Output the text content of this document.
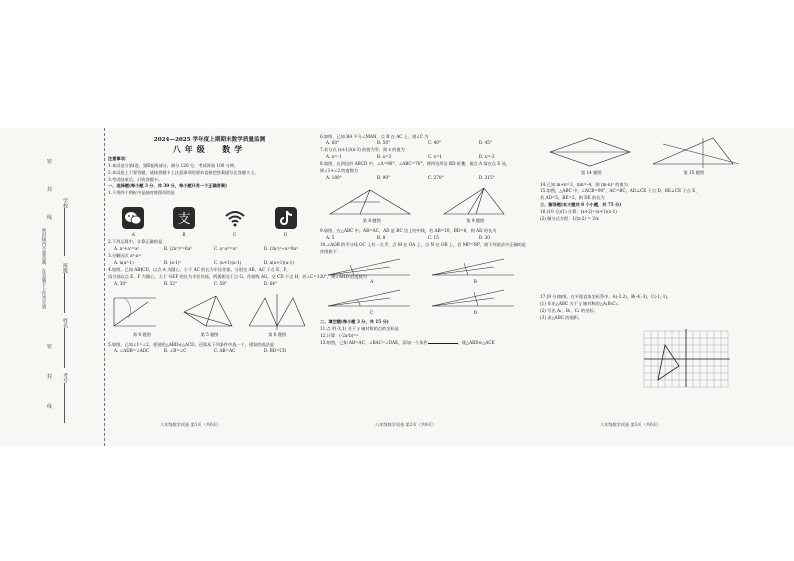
密
封
线
密
封
线
密封线内不要答题，在答题卡上作答无效
学校
班级
姓名
考号
2024—2025 学年度上期期末数学质量监测
八年级 数学
注意事项：
1.本试卷分第Ⅰ卷、第Ⅱ卷两部分，满分 120 分，考试时间 100 分钟。
2.本试卷上不要答题，请按答题卡上注意事项的要求直接把答案填写在答题卡上。
3.考试结束后，只收答题卡。
一、选择题(每小题 3 分，共 30 分，每小题只有一个正确答案)
1.下列四个图标中是轴对称图形的是
支
A	B	C	D
2.下列运算中，计算正确的是
A. a²+a³=a⁵	B. (2a²)³=6a⁶	C. a²·a³=a⁶	D. (3a²)²÷a=9a³
3.分解因式 a³-a=
A. a(a²-1)	B. (a-1)²	C. (a+1)(a-1)	D. a(a+1)(a-1)
4.如图，已知 AB∥CD，以点 A 为圆心，小于 AC 的长为半径作弧，分别交 AB、AC 于点 E、F，
再分别以点 E、F 为圆心，大于 ½EF 的长为半径作弧，两弧相交于点 G，作射线 AG，交 CD 于点 H，若∠C=120°，则∠AHD 的度数为
A. 30°	B. 32°	C. 58°	D. 64°
第 4 题图	第 5 题图	第 6 题图
5.如图，已知∠1=∠2，要说明△ABD≌△ACD，还需从下列条件中选一个，错误的选法是
A. ∠ADB=∠ADC	B. ∠B=∠C	C. AB=AC	D. BD=CD
八年级数学试卷 第1页（共6页）
6.如图，已知 BA 平分∠MAN，点 B 在 AC 上，则∠C 为
A. 60°	B. 50°	C. 40°	D. 45°
7.若分式 (x+1)/(x-3) 的值为零，则 x 的值为
A. x=-1	B. x=3	C. x=1	D. x=-3
8.如图，在四边形 ABCD 中，∠A=90°，∠ABC=70°，将四边形沿 BD 折叠，使点 A 落在点 E 处，
则∠1+∠2 的度数为
A. 180°	B. 90°	C. 270°	D. 315°
第 8 题图	第 9 题图
9.如图，在△ABC 中，AB=AC，AD 是 BC 边上的中线，若 AB=10，BD=6，则 AD 的长为
A. 5	B. 8	C. 15	D. 20
10.∠AOB 的平分线 OC 上有一点 P，点 M 在 OA 上，点 N 在 OB 上，若 MP=NP，则下列说法中正确的是
作图如下：
A	B
C	D
二、填空题(每小题 3 分，共 15 分)
11.点 P(-3,1) 关于 y 轴对称的点的坐标是
12.计算：(-2a²b)³=
13.如图，已知 AB=AC，∠BAC=∠DAE，添加一个条件	，使△ABD≌△ACE
八年级数学试卷 第2页（共6页）
第 14 题图	第 15 题图
14.已知 m+n=3，mn=-4，则 (m-n)² 的值为
15.如图，△ABC 中，∠ACB=90°，AC=BC，AD⊥CE 于点 D，BE⊥CE 于点 E，
若 AD=5，BE=2，则 DE 的长为
三、解答题(本大题共 8 个小题，共 75 分)
16.(10 分)(1) 计算：(x+2)²-(x+1)(x-1)
(2) 解分式方程：1/(x-2) = 3/x
17.(9 分)如图，在平面直角坐标系中，A(-3,2)，B(-4,-3)，C(-1,-1)，
(1) 作出△ABC 关于 y 轴对称的△A₁B₁C₁；
(2) 写出 A₁、B₁、C₁ 的坐标；
(3) 求△ABC 的面积。
八年级数学试卷 第3页（共6页）
